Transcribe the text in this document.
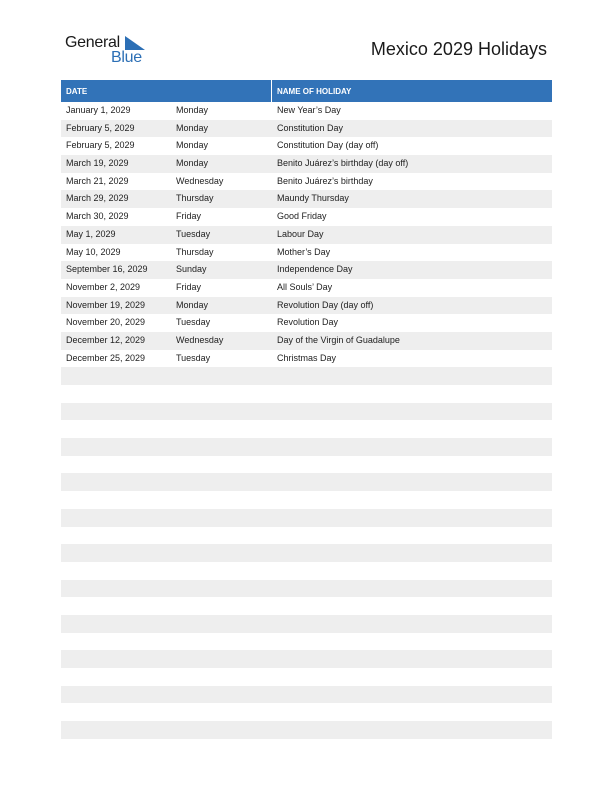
General
Blue	Mexico 2029 Holidays
DATE	NAME OF HOLIDAY
January 1, 2029	Monday	New Year’s Day
February 5, 2029	Monday	Constitution Day
February 5, 2029	Monday	Constitution Day (day off)
March 19, 2029	Monday	Benito Juárez’s birthday (day off)
March 21, 2029	Wednesday	Benito Juárez’s birthday
March 29, 2029	Thursday	Maundy Thursday
March 30, 2029	Friday	Good Friday
May 1, 2029	Tuesday	Labour Day
May 10, 2029	Thursday	Mother’s Day
September 16, 2029	Sunday	Independence Day
November 2, 2029	Friday	All Souls’ Day
November 19, 2029	Monday	Revolution Day (day off)
November 20, 2029	Tuesday	Revolution Day
December 12, 2029	Wednesday	Day of the Virgin of Guadalupe
December 25, 2029	Tuesday	Christmas Day
